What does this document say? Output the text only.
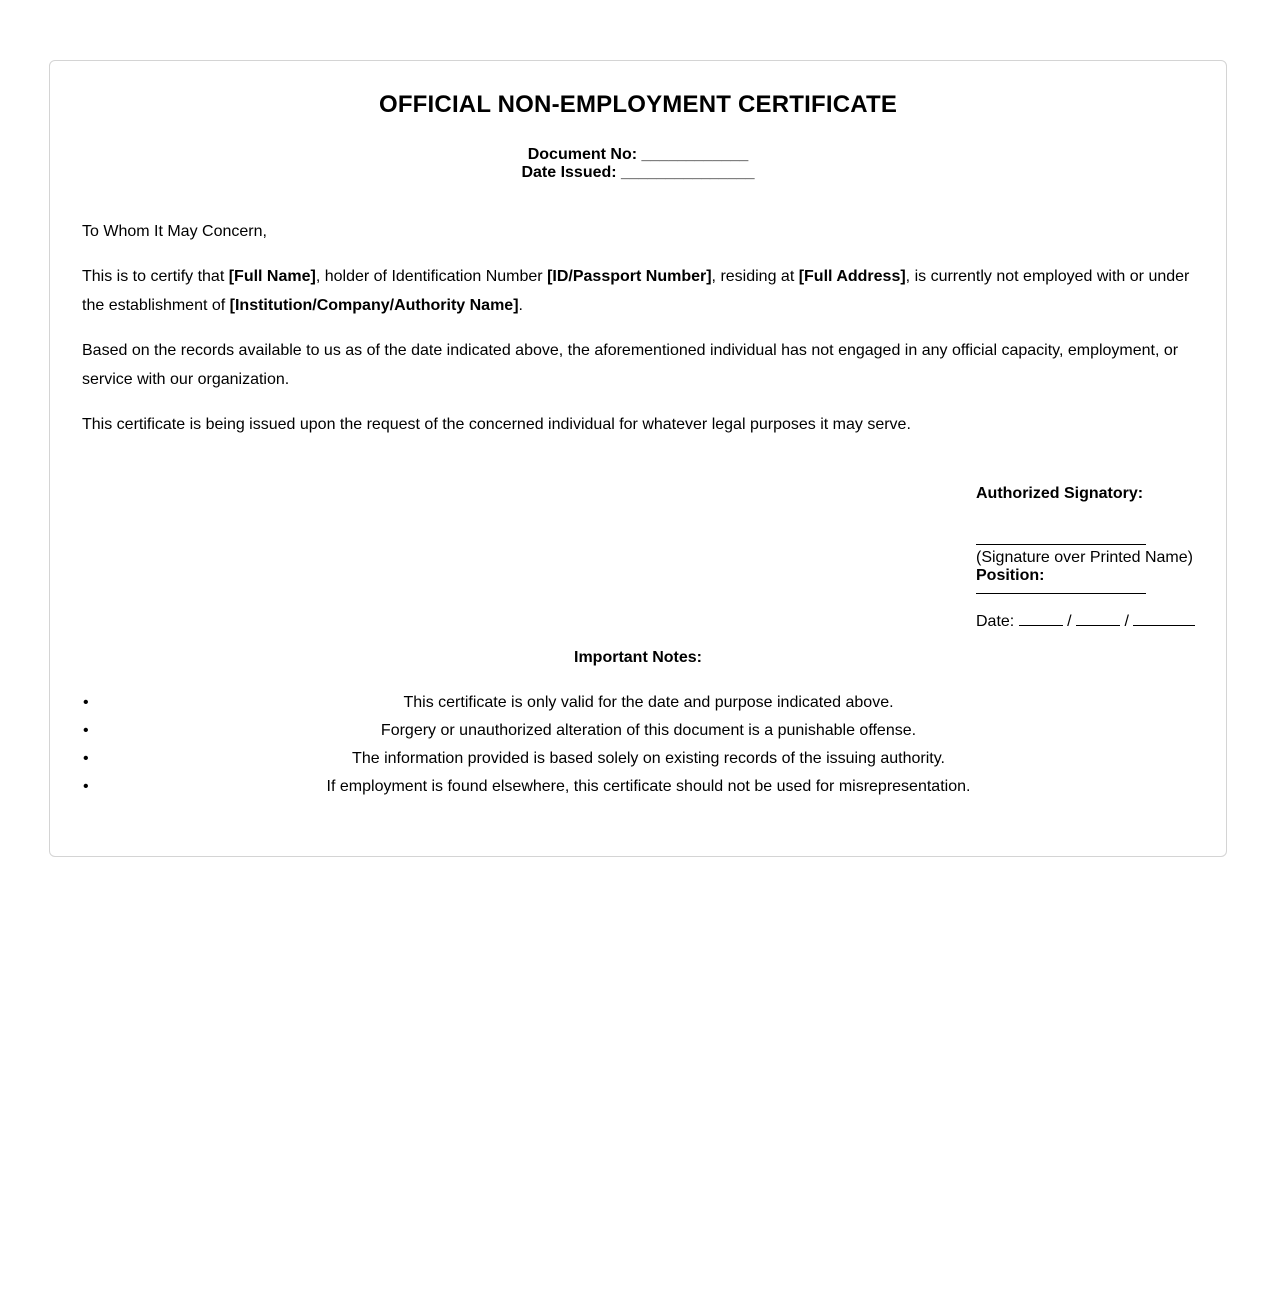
OFFICIAL NON-EMPLOYMENT CERTIFICATE
Document No: ____________
Date Issued: _______________

To Whom It May Concern,

This is to certify that [Full Name], holder of Identification Number [ID/Passport Number], residing at [Full Address], is currently not employed with or under the establishment of [Institution/Company/Authority Name].

Based on the records available to us as of the date indicated above, the aforementioned individual has not engaged in any official capacity, employment, or service with our organization.

This certificate is being issued upon the request of the concerned individual for whatever legal purposes it may serve.

Authorized Signatory:
(Signature over Printed Name)
Position:
Date:	/	/

Important Notes:

•	This certificate is only valid for the date and purpose indicated above.
•	Forgery or unauthorized alteration of this document is a punishable offense.
•	The information provided is based solely on existing records of the issuing authority.
•	If employment is found elsewhere, this certificate should not be used for misrepresentation.
